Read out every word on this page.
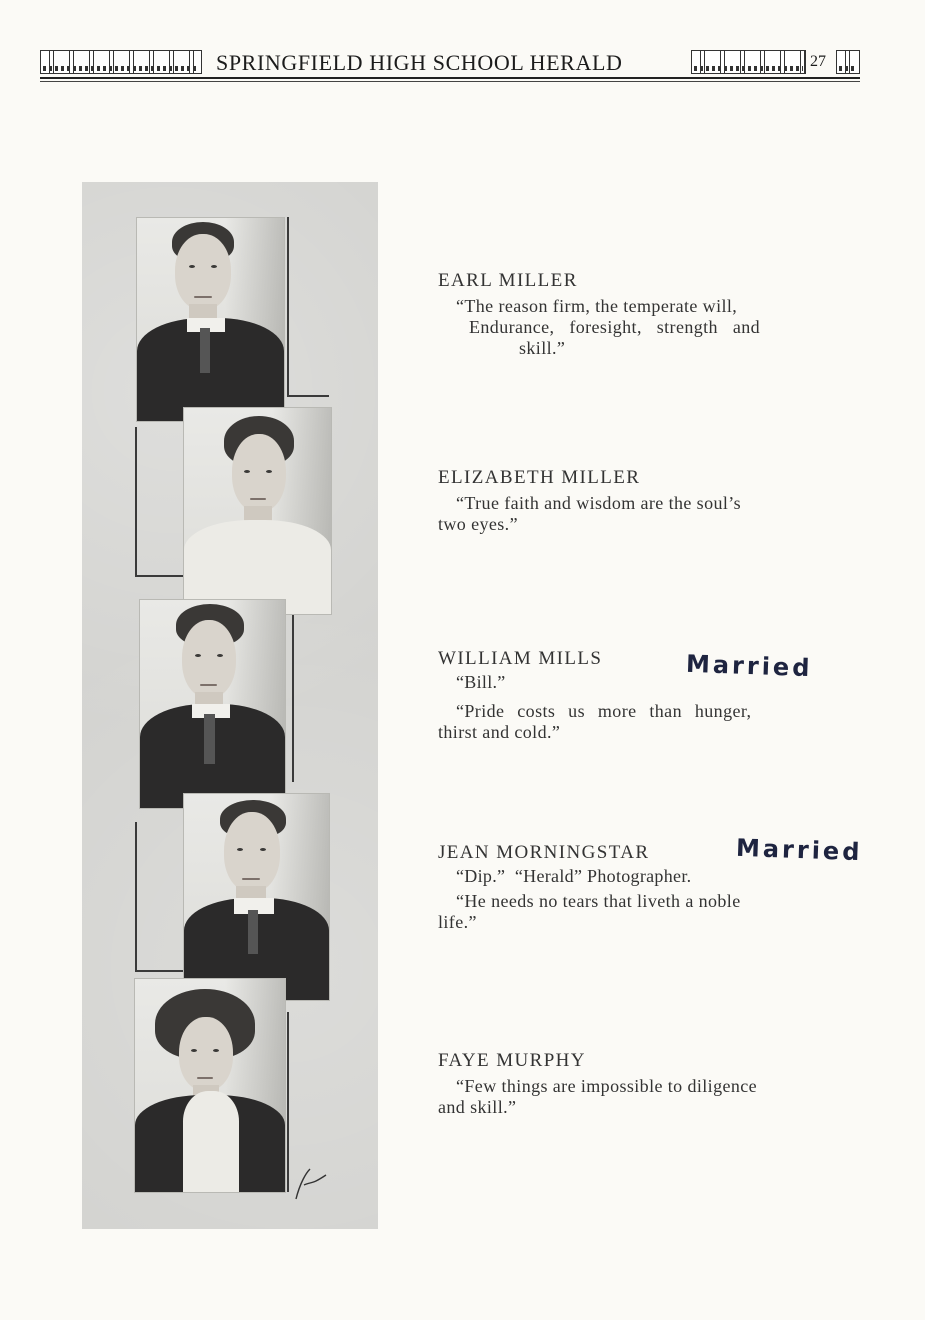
SPRINGFIELD HIGH SCHOOL HERALD	27
EARL MILLER
“The reason firm, the temperate will,
Endurance, foresight, strength and
skill.”
ELIZABETH MILLER
“True faith and wisdom are the soul’s
two eyes.”
WILLIAM MILLS
“Bill.”
“Pride costs us more than hunger,
thirst and cold.”
Married
JEAN MORNINGSTAR
“Dip.”  “Herald” Photographer.
“He needs no tears that liveth a noble
life.”
Married
FAYE MURPHY
“Few things are impossible to diligence
and skill.”
